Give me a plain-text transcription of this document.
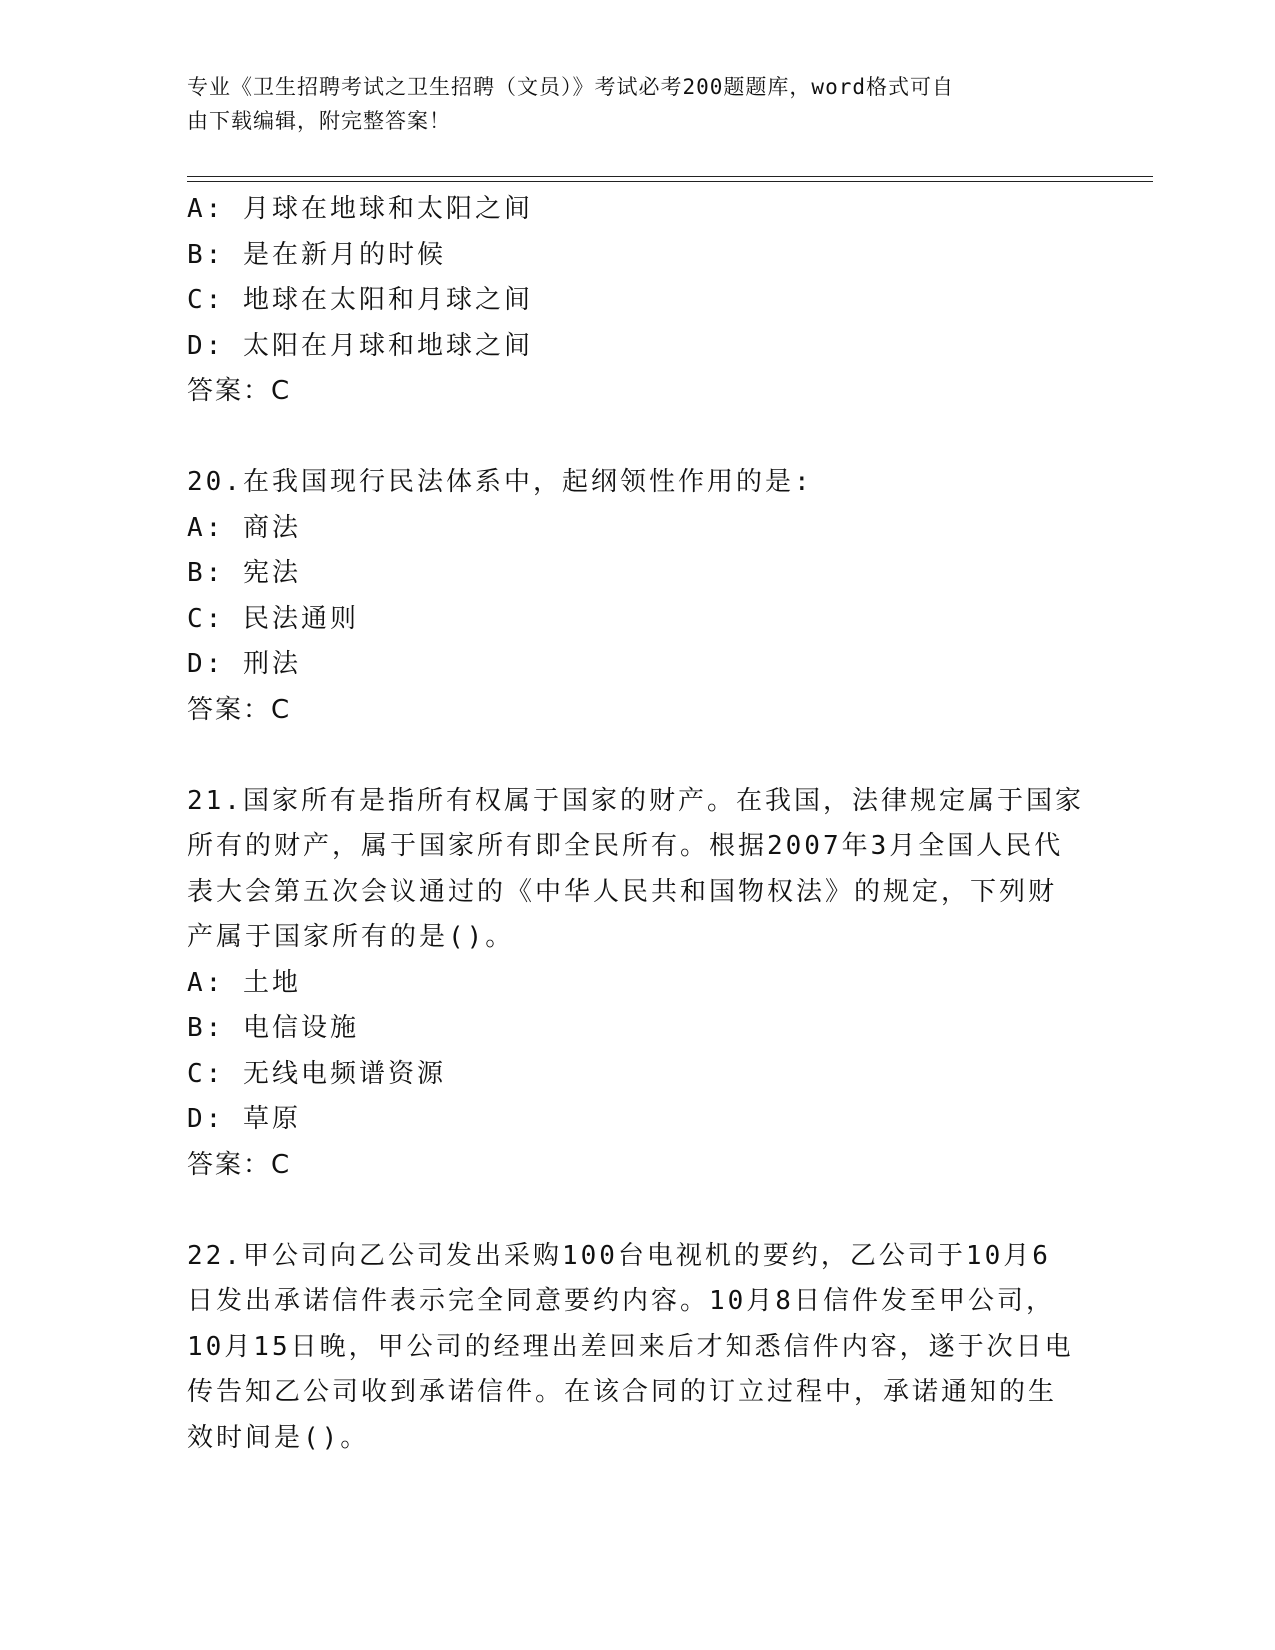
专业《卫生招聘考试之卫生招聘（文员）》考试必考200题题库，word格式可自

由下载编辑，附完整答案！

A: 月球在地球和太阳之间

B: 是在新月的时候

C: 地球在太阳和月球之间

D: 太阳在月球和地球之间

答案：C

20.在我国现行民法体系中，起纲领性作用的是:

A: 商法

B: 宪法

C: 民法通则

D: 刑法

答案：C

21.国家所有是指所有权属于国家的财产。在我国，法律规定属于国家

所有的财产，属于国家所有即全民所有。根据2007年3月全国人民代

表大会第五次会议通过的《中华人民共和国物权法》的规定，下列财

产属于国家所有的是()。

A: 土地

B: 电信设施

C: 无线电频谱资源

D: 草原

答案：C

22.甲公司向乙公司发出采购100台电视机的要约，乙公司于10月6

日发出承诺信件表示完全同意要约内容。10月8日信件发至甲公司，

10月15日晚，甲公司的经理出差回来后才知悉信件内容，遂于次日电

传告知乙公司收到承诺信件。在该合同的订立过程中，承诺通知的生

效时间是()。
